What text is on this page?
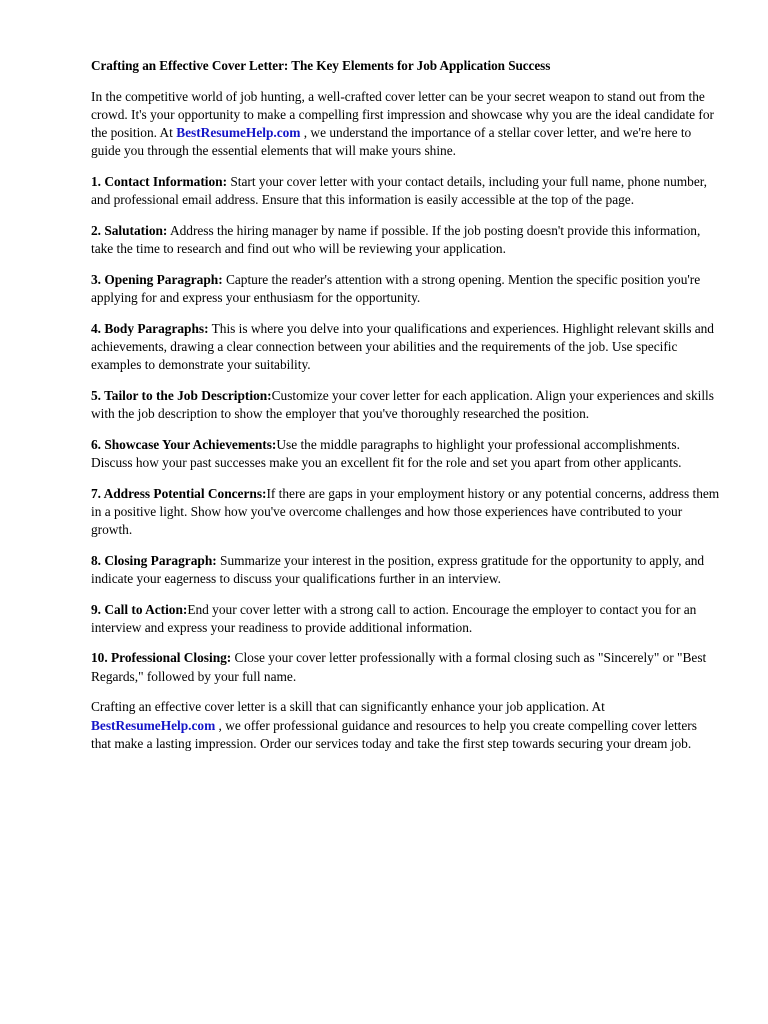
Crafting an Effective Cover Letter: The Key Elements for Job Application Success

In the competitive world of job hunting, a well-crafted cover letter can be your secret weapon to stand out from the crowd. It's your opportunity to make a compelling first impression and showcase why you are the ideal candidate for the position. At BestResumeHelp.com , we understand the importance of a stellar cover letter, and we're here to guide you through the essential elements that will make yours shine.

1. Contact Information: Start your cover letter with your contact details, including your full name, phone number, and professional email address. Ensure that this information is easily accessible at the top of the page.

2. Salutation: Address the hiring manager by name if possible. If the job posting doesn't provide this information, take the time to research and find out who will be reviewing your application.

3. Opening Paragraph: Capture the reader's attention with a strong opening. Mention the specific position you're applying for and express your enthusiasm for the opportunity.

4. Body Paragraphs: This is where you delve into your qualifications and experiences. Highlight relevant skills and achievements, drawing a clear connection between your abilities and the requirements of the job. Use specific examples to demonstrate your suitability.

5. Tailor to the Job Description:Customize your cover letter for each application. Align your experiences and skills with the job description to show the employer that you've thoroughly researched the position.

6. Showcase Your Achievements:Use the middle paragraphs to highlight your professional accomplishments. Discuss how your past successes make you an excellent fit for the role and set you apart from other applicants.

7. Address Potential Concerns:If there are gaps in your employment history or any potential concerns, address them in a positive light. Show how you've overcome challenges and how those experiences have contributed to your growth.

8. Closing Paragraph: Summarize your interest in the position, express gratitude for the opportunity to apply, and indicate your eagerness to discuss your qualifications further in an interview.

9. Call to Action:End your cover letter with a strong call to action. Encourage the employer to contact you for an interview and express your readiness to provide additional information.

10. Professional Closing: Close your cover letter professionally with a formal closing such as "Sincerely" or "Best Regards," followed by your full name.

Crafting an effective cover letter is a skill that can significantly enhance your job application. At BestResumeHelp.com , we offer professional guidance and resources to help you create compelling cover letters that make a lasting impression. Order our services today and take the first step towards securing your dream job.
